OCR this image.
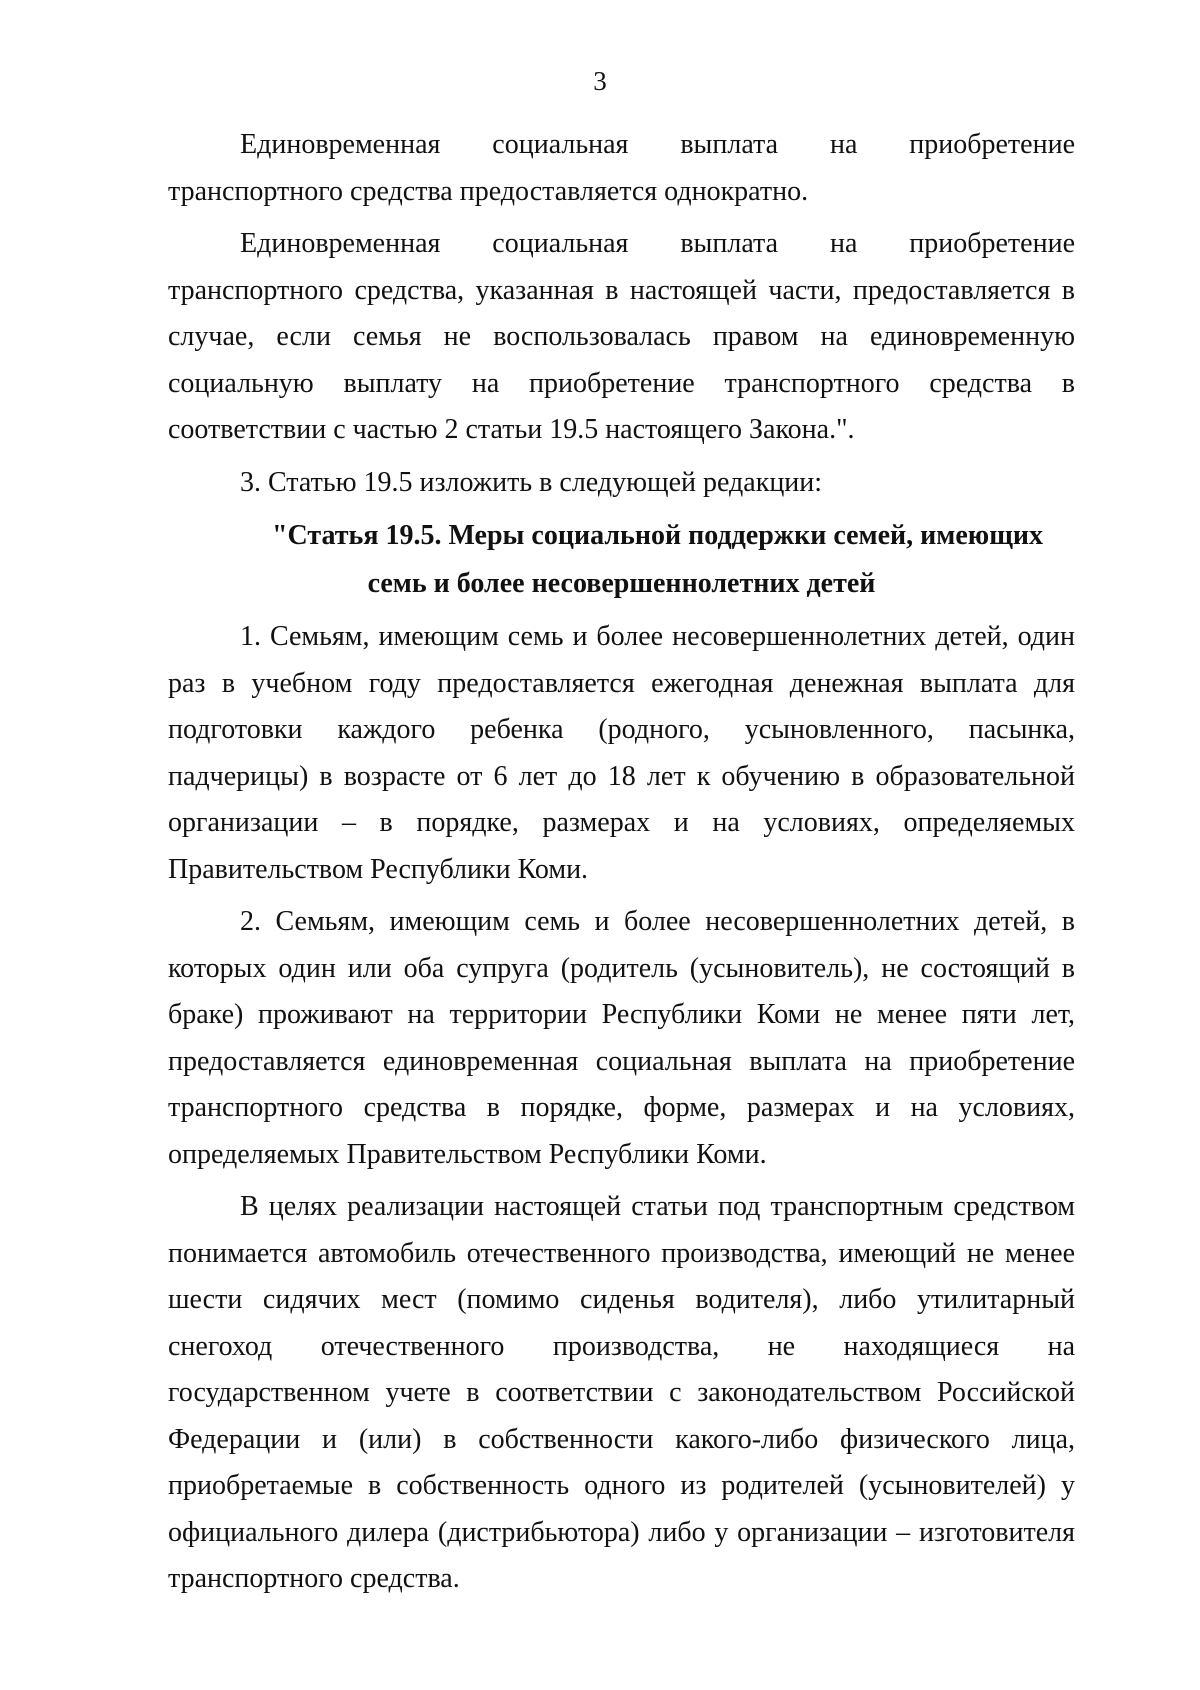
3

Единовременная социальная выплата на приобретение транспортного средства предоставляется однократно.

Единовременная социальная выплата на приобретение транспортного средства, указанная в настоящей части, предоставляется в случае, если семья не воспользовалась правом на единовременную социальную выплату на приобретение транспортного средства в соответствии с частью 2 статьи 19.5 настоящего Закона.".

3. Статью 19.5 изложить в следующей редакции:

"Статья 19.5. Меры социальной поддержки семей, имеющих семь и более несовершеннолетних детей

1. Семьям, имеющим семь и более несовершеннолетних детей, один раз в учебном году предоставляется ежегодная денежная выплата для подготовки каждого ребенка (родного, усыновленного, пасынка, падчерицы) в возрасте от 6 лет до 18 лет к обучению в образовательной организации – в порядке, размерах и на условиях, определяемых Правительством Республики Коми.

2. Семьям, имеющим семь и более несовершеннолетних детей, в которых один или оба супруга (родитель (усыновитель), не состоящий в браке) проживают на территории Республики Коми не менее пяти лет, предоставляется единовременная социальная выплата на приобретение транспортного средства в порядке, форме, размерах и на условиях, определяемых Правительством Республики Коми.

В целях реализации настоящей статьи под транспортным средством понимается автомобиль отечественного производства, имеющий не менее шести сидячих мест (помимо сиденья водителя), либо утилитарный снегоход отечественного производства, не находящиеся на государственном учете в соответствии с законодательством Российской Федерации и (или) в собственности какого-либо физического лица, приобретаемые в собственность одного из родителей (усыновителей) у официального дилера (дистрибьютора) либо у организации – изготовителя транспортного средства.
